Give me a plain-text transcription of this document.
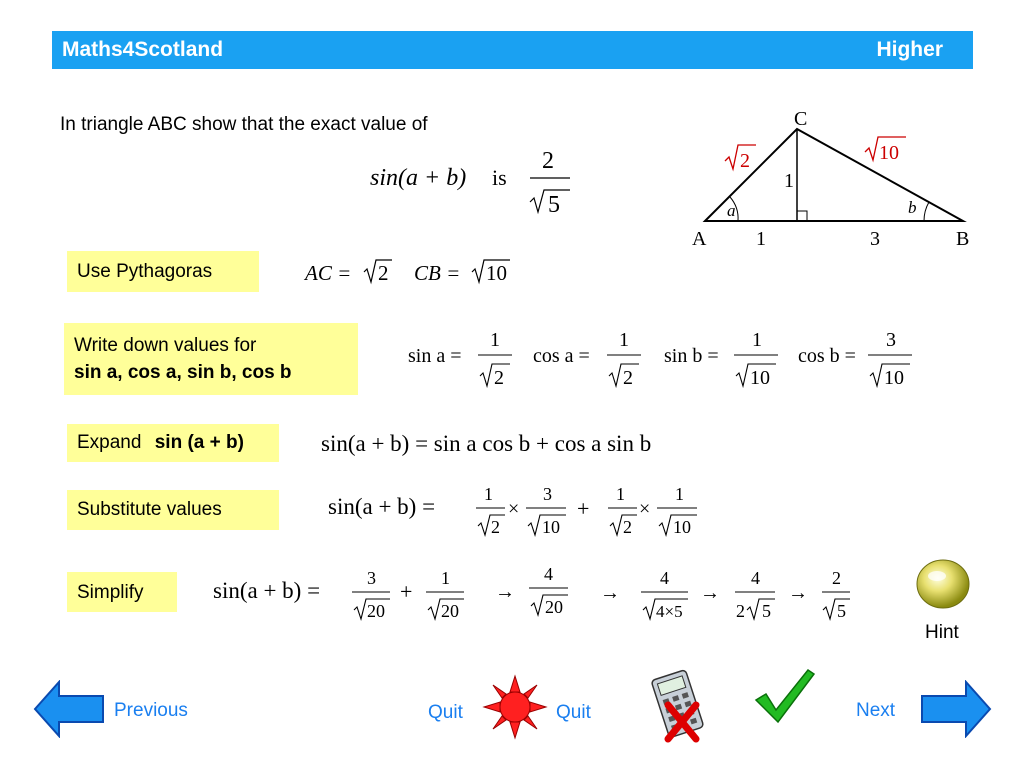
Maths4Scotland	Higher
In triangle ABC show that the exact value of
sin(a + b) is
2
5
C
A	B
2	10
1
1	3
a	b
Use Pythagoras	AC = 2 CB = 10
Write down values for
sin a, cos a, sin b, cos b
sin a =
1
2
cos a =
1
2
sin b =
1
10
cos b =
3
10
Expand sin (a + b)	sin(a + b) = sin a cos b + cos a sin b
Substitute values	sin(a + b) =	1
2
×
3
10
+
1
2
×
1
10
Simplify	sin(a + b) =	3
20
+
1
20
→
4
20
→
4
4×5
→
4
2 5
→
2
5
Hint
Previous	Quit	Quit	Next
